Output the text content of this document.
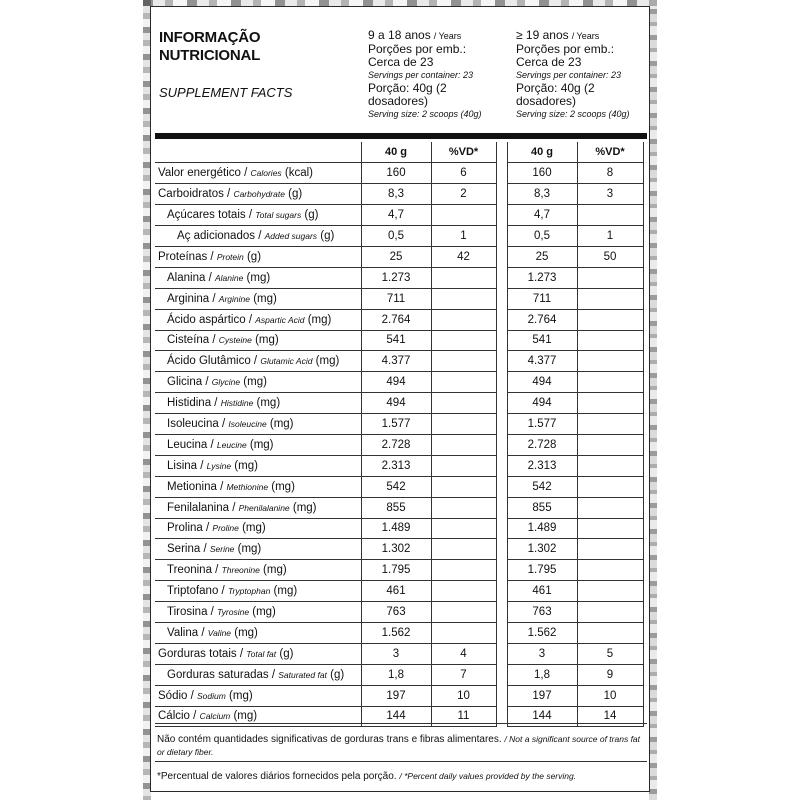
INFORMAÇÃO
NUTRICIONAL
SUPPLEMENT FACTS
9 a 18 anos / Years
Porções por emb.:
Cerca de 23
Servings per container: 23
Porção: 40g (2 dosadores)
Serving size: 2 scoops (40g)
≥ 19 anos / Years
Porções por emb.:
Cerca de 23
Servings per container: 23
Porção: 40g (2 dosadores)
Serving size: 2 scoops (40g)
	40 g	%VD*		40 g	%VD*
Valor energético / Calories (kcal)	160	6		160	8
Carboidratos / Carbohydrate (g)	8,3	2		8,3	3
Açúcares totais / Total sugars (g)	4,7			4,7	
Aç adicionados / Added sugars (g)	0,5	1		0,5	1
Proteínas / Protein (g)	25	42		25	50
Alanina / Alanine (mg)	1.273			1.273	
Arginina / Arginine (mg)	711			711	
Ácido aspártico / Aspartic Acid (mg)	2.764			2.764	
Cisteína / Cysteine (mg)	541			541	
Ácido Glutâmico / Glutamic Acid (mg)	4.377			4.377	
Glicina / Glycine (mg)	494			494	
Histidina / Histidine (mg)	494			494	
Isoleucina / Isoleucine (mg)	1.577			1.577	
Leucina / Leucine (mg)	2.728			2.728	
Lisina / Lysine (mg)	2.313			2.313	
Metionina / Methionine (mg)	542			542	
Fenilalanina / Phenilalanine (mg)	855			855	
Prolina / Proline (mg)	1.489			1.489	
Serina / Serine (mg)	1.302			1.302	
Treonina / Threonine (mg)	1.795			1.795	
Triptofano / Tryptophan (mg)	461			461	
Tirosina / Tyrosine (mg)	763			763	
Valina / Valine (mg)	1.562			1.562	
Gorduras totais / Total fat (g)	3	4		3	5
Gorduras saturadas / Saturated fat (g)	1,8	7		1,8	9
Sódio / Sodium (mg)	197	10		197	10
Cálcio / Calcium (mg)	144	11		144	14
Não contém quantidades significativas de gorduras trans e fibras alimentares. / Not a significant source of trans fat or dietary fiber.
*Percentual de valores diários fornecidos pela porção. / *Percent daily values provided by the serving.
